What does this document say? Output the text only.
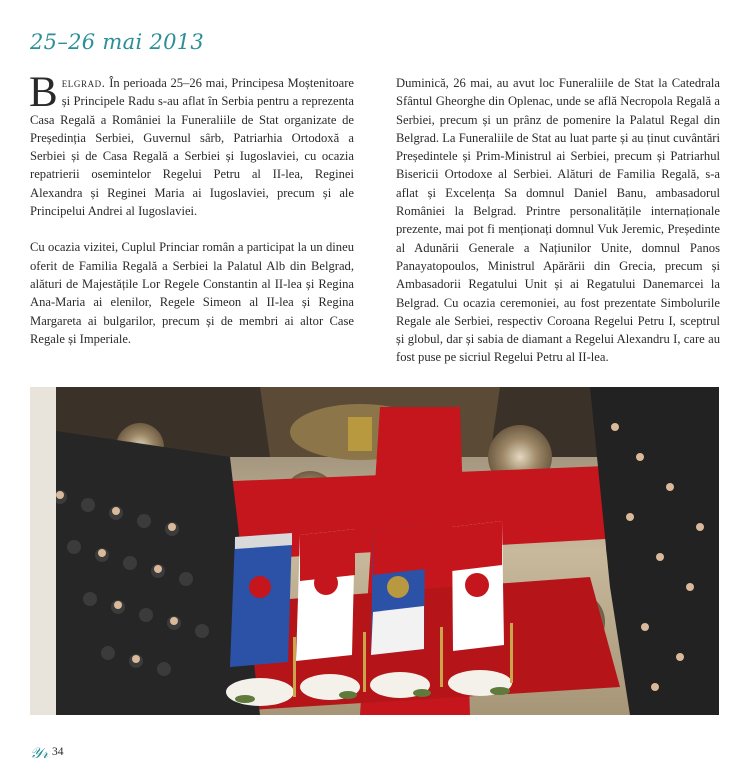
25–26 mai 2013

Belgrad. În perioada 25–26 mai, Principesa Moștenitoare și Principele Radu s-au aflat în Serbia pentru a reprezenta Casa Regală a României la Funeraliile de Stat organizate de Președinția Serbiei, Guvernul sârb, Patriarhia Ortodoxă a Serbiei și de Casa Regală a Serbiei și Iugoslaviei, cu ocazia repatrierii osemintelor Regelui Petru al II-lea, Reginei Alexandra și Reginei Maria ai Iugoslaviei, precum și ale Principelui Andrei al Iugoslaviei.

Cu ocazia vizitei, Cuplul Princiar român a participat la un dineu oferit de Familia Regală a Serbiei la Palatul Alb din Belgrad, alături de Majestățile Lor Regele Constantin al II-lea și Regina Ana-Maria ai elenilor, Regele Simeon al II-lea și Regina Margareta ai bulgarilor, precum și de membri ai altor Case Regale și Imperiale.

Duminică, 26 mai, au avut loc Funeraliile de Stat la Catedrala Sfântul Gheorghe din Oplenac, unde se află Necropola Regală a Serbiei, precum și un prânz de pomenire la Palatul Regal din Belgrad. La Funeraliile de Stat au luat parte și au ținut cuvântări Președintele și Prim-Ministrul ai Serbiei, precum și Patriarhul Bisericii Ortodoxe al Serbiei. Alături de Familia Regală, s-a aflat și Excelența Sa domnul Daniel Banu, ambasadorul României la Belgrad. Printre personalitățile internaționale prezente, mai pot fi menționați domnul Vuk Jeremic, Președinte al Adunării Generale a Națiunilor Unite, domnul Panos Panayatopoulos, Ministrul Apărării din Grecia, precum și Ambasadorii Regatului Unit și ai Regatului Danemarcei la Belgrad. Cu ocazia ceremoniei, au fost prezentate Simbolurile Regale ale Serbiei, respectiv Coroana Regelui Petru I, sceptrul și globul, dar și sabia de diamant a Regelui Alexandru I, care au fost puse pe sicriul Regelui Petru al II-lea.

𝒴𝓇 34
